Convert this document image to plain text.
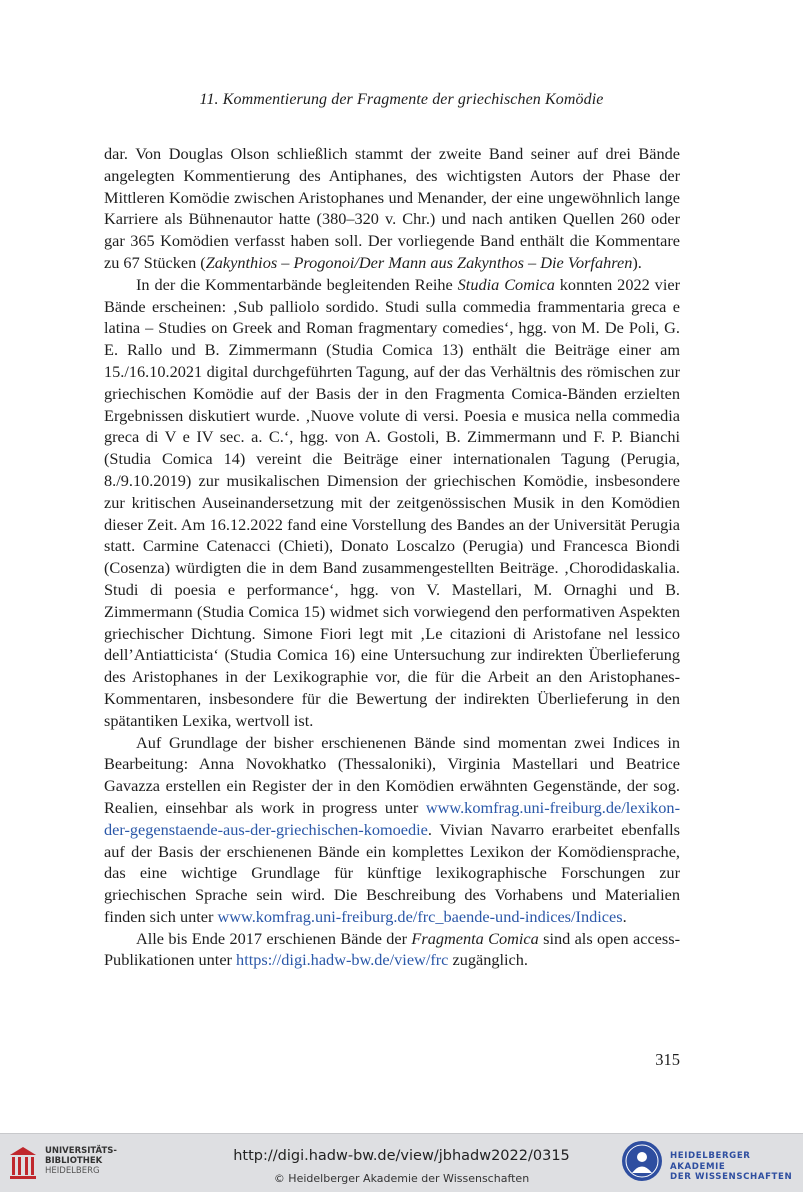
11. Kommentierung der Fragmente der griechischen Komödie

dar. Von Douglas Olson schließlich stammt der zweite Band seiner auf drei Bände angelegten Kommentierung des Antiphanes, des wichtigsten Autors der Phase der Mittleren Komödie zwischen Aristophanes und Menander, der eine ungewöhnlich lange Karriere als Bühnenautor hatte (380–320 v. Chr.) und nach antiken Quellen 260 oder gar 365 Komödien verfasst haben soll. Der vorliegende Band enthält die Kommentare zu 67 Stücken (Zakynthios – Progonoi/Der Mann aus Zakynthos – Die Vorfahren).

In der die Kommentarbände begleitenden Reihe Studia Comica konnten 2022 vier Bände erscheinen: ‚Sub palliolo sordido. Studi sulla commedia frammentaria greca e latina – Studies on Greek and Roman fragmentary comedies‘, hgg. von M. De Poli, G. E. Rallo und B. Zimmermann (Studia Comica 13) enthält die Beiträge einer am 15./16.10.2021 digital durchgeführten Tagung, auf der das Verhältnis des römischen zur griechischen Komödie auf der Basis der in den Fragmenta Comica-Bänden erzielten Ergebnissen diskutiert wurde. ‚Nuove volute di versi. Poesia e musica nella commedia greca di V e IV sec. a. C.‘, hgg. von A. Gostoli, B. Zimmermann und F. P. Bianchi (Studia Comica 14) vereint die Beiträge einer internationalen Tagung (Perugia, 8./9.10.2019) zur musikalischen Dimension der griechischen Komödie, insbesondere zur kritischen Auseinandersetzung mit der zeitgenössischen Musik in den Komödien dieser Zeit. Am 16.12.2022 fand eine Vorstellung des Bandes an der Universität Perugia statt. Carmine Catenacci (Chieti), Donato Loscalzo (Perugia) und Francesca Biondi (Cosenza) würdigten die in dem Band zusammengestellten Beiträge. ‚Chorodidaskalia. Studi di poesia e performance‘, hgg. von V. Mastellari, M. Ornaghi und B. Zimmermann (Studia Comica 15) widmet sich vorwiegend den performativen Aspekten griechischer Dichtung. Simone Fiori legt mit ‚Le citazioni di Aristofane nel lessico dell’Antiatticista‘ (Studia Comica 16) eine Untersuchung zur indirekten Überlieferung des Aristophanes in der Lexikographie vor, die für die Arbeit an den Aristophanes-Kommentaren, insbesondere für die Bewertung der indirekten Überlieferung in den spätantiken Lexika, wertvoll ist.

Auf Grundlage der bisher erschienenen Bände sind momentan zwei Indices in Bearbeitung: Anna Novokhatko (Thessaloniki), Virginia Mastellari und Beatrice Gavazza erstellen ein Register der in den Komödien erwähnten Gegenstände, der sog. Realien, einsehbar als work in progress unter www.komfrag.uni-freiburg.de/lexikon-der-gegenstaende-aus-der-griechischen-komoedie. Vivian Navarro erarbeitet ebenfalls auf der Basis der erschienenen Bände ein komplettes Lexikon der Komödiensprache, das eine wichtige Grundlage für künftige lexikographische Forschungen zur griechischen Sprache sein wird. Die Beschreibung des Vorhabens und Materialien finden sich unter www.komfrag.uni-freiburg.de/frc_baende-und-indices/Indices.

Alle bis Ende 2017 erschienen Bände der Fragmenta Comica sind als open access-Publikationen unter https://digi.hadw-bw.de/view/frc zugänglich.

315
UNIVERSITÄTS-
BIBLIOTHEK
HEIDELBERG
http://digi.hadw-bw.de/view/jbhadw2022/0315
© Heidelberger Akademie der Wissenschaften
HEIDELBERGER AKADEMIE
DER WISSENSCHAFTEN
